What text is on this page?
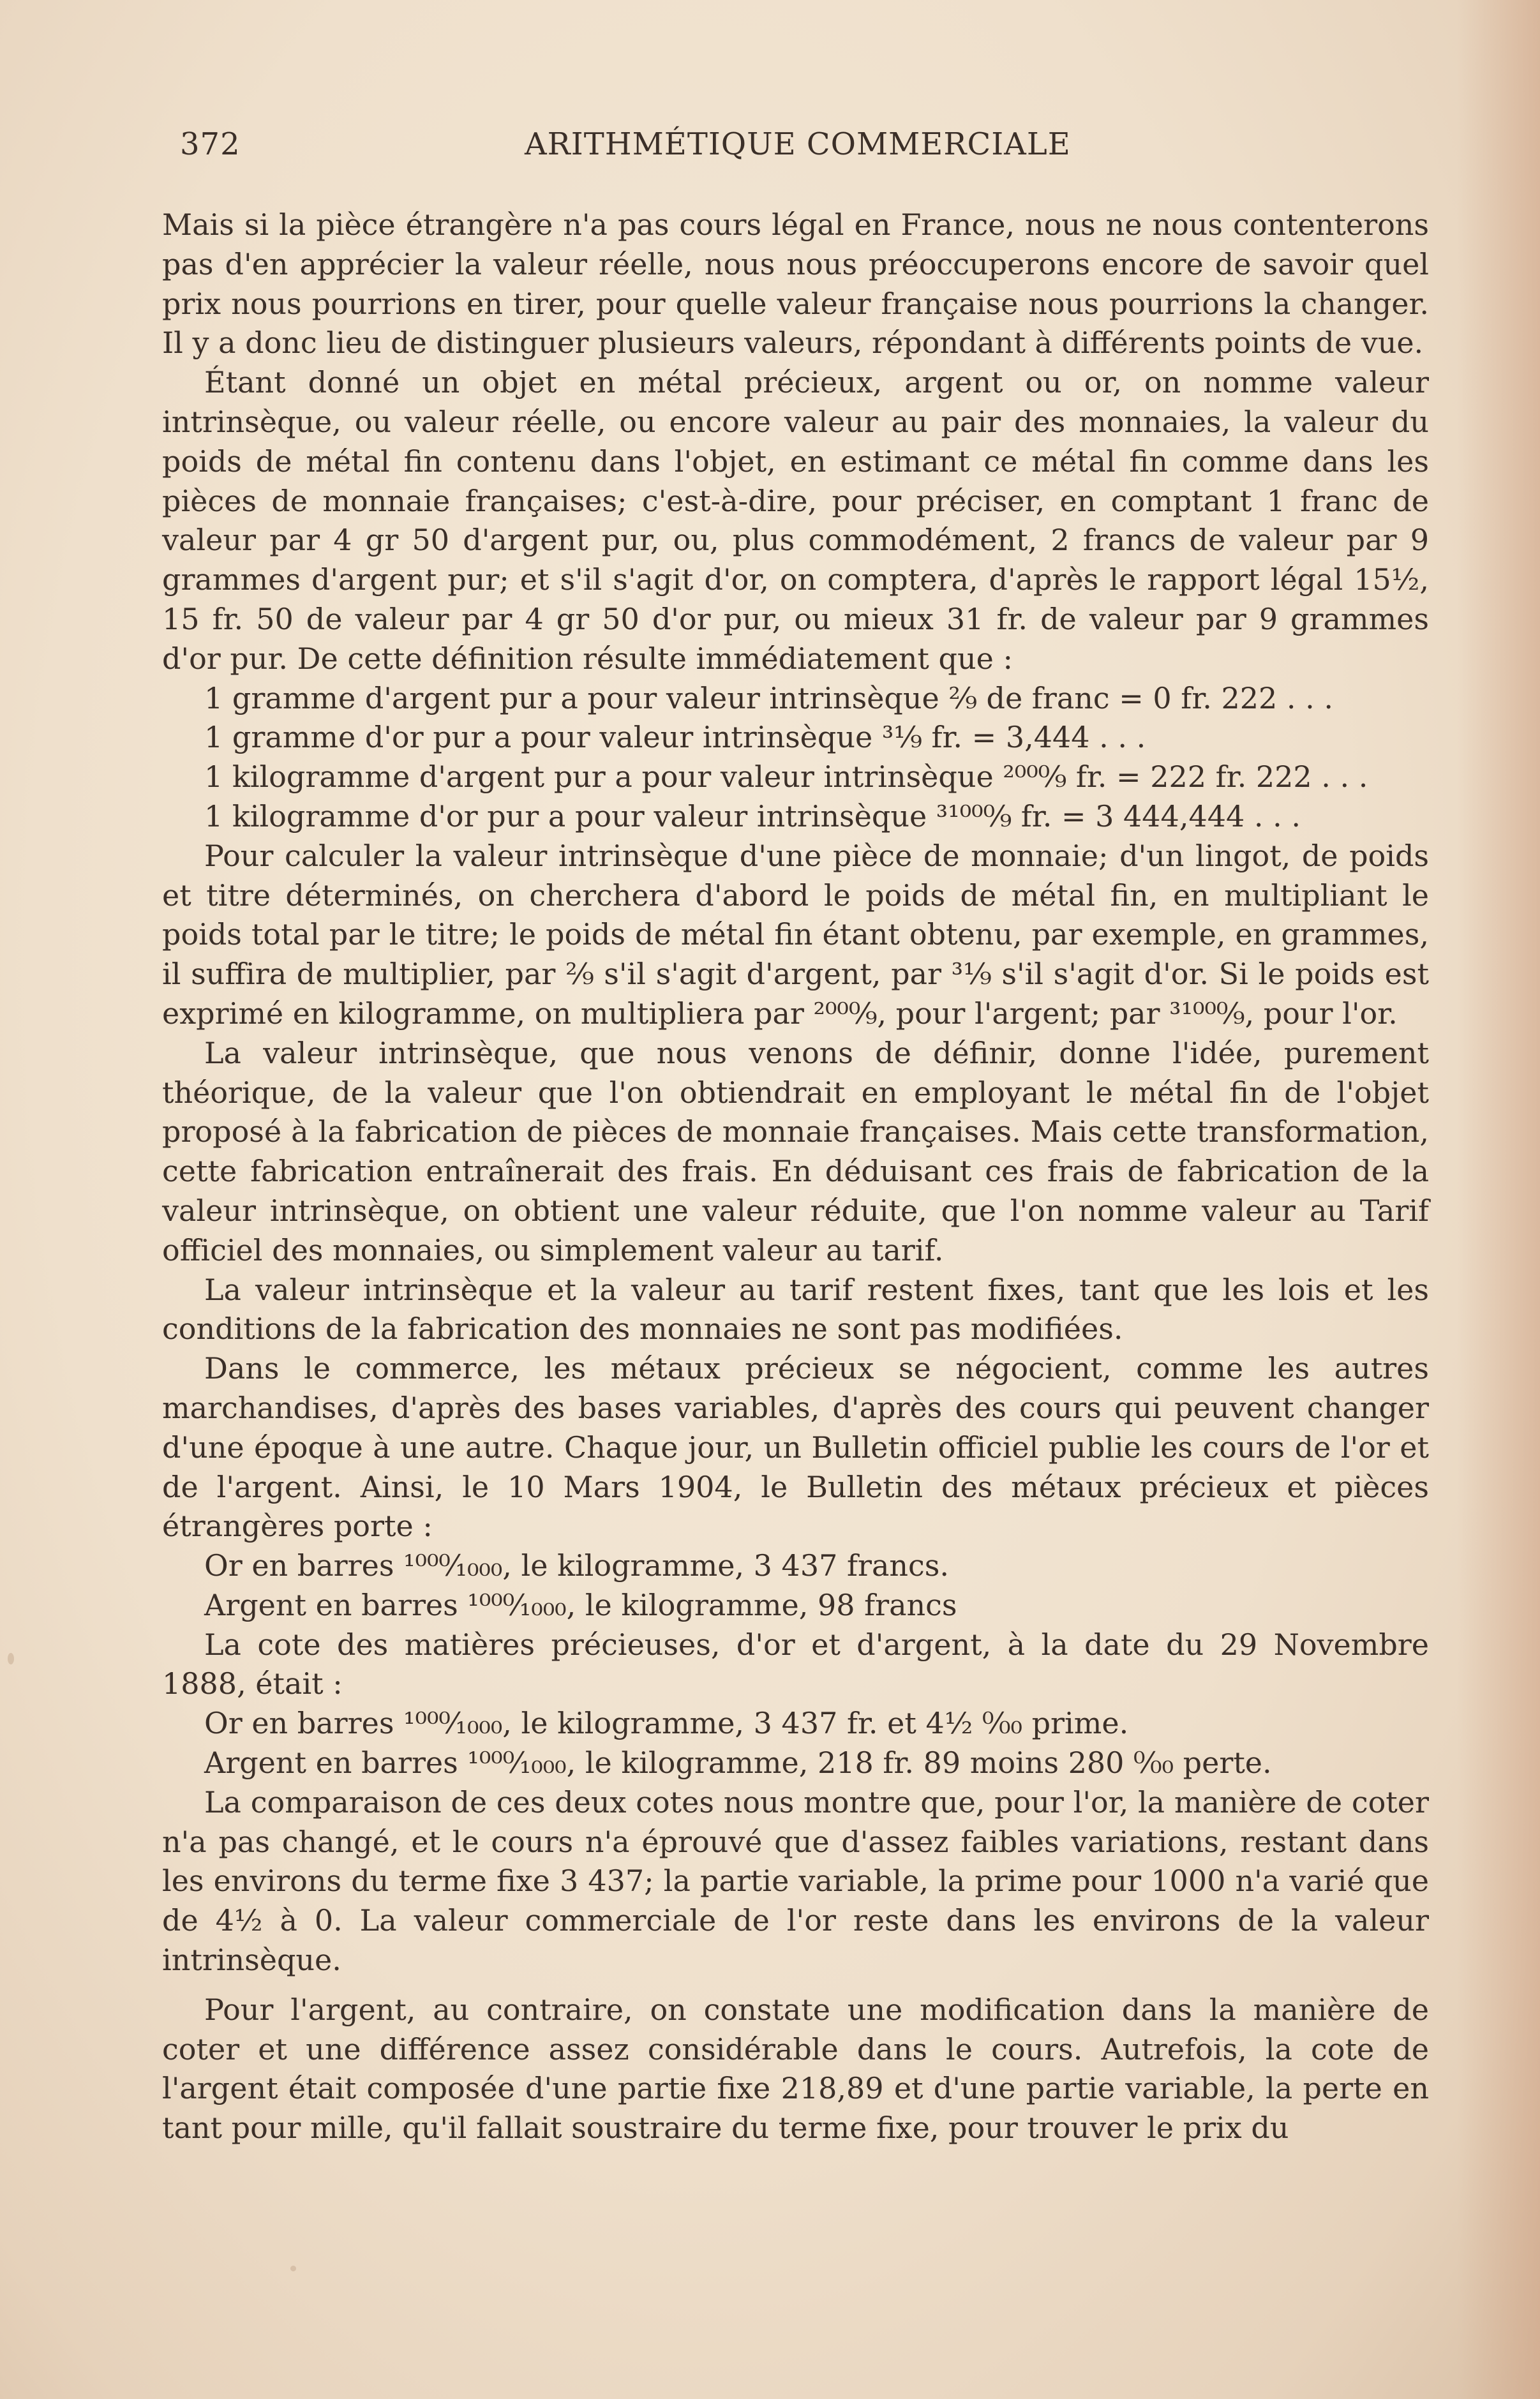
372	ARITHMÉTIQUE COMMERCIALE

Mais si la pièce étrangère n'a pas cours légal en France, nous ne nous contenterons pas d'en apprécier la valeur réelle, nous nous préoccuperons encore de savoir quel prix nous pourrions en tirer, pour quelle valeur française nous pourrions la changer. Il y a donc lieu de distinguer plusieurs valeurs, répondant à différents points de vue.

Étant donné un objet en métal précieux, argent ou or, on nomme valeur intrinsèque, ou valeur réelle, ou encore valeur au pair des monnaies, la valeur du poids de métal fin contenu dans l'objet, en estimant ce métal fin comme dans les pièces de monnaie françaises; c'est-à-dire, pour préciser, en comptant 1 franc de valeur par 4 gr 50 d'argent pur, ou, plus commodément, 2 francs de valeur par 9 grammes d'argent pur; et s'il s'agit d'or, on comptera, d'après le rapport légal 15½, 15 fr. 50 de valeur par 4 gr 50 d'or pur, ou mieux 31 fr. de valeur par 9 grammes d'or pur. De cette définition résulte immédiatement que :

1 gramme d'argent pur a pour valeur intrinsèque ²⁄₉ de franc = 0 fr. 222 . . .

1 gramme d'or pur a pour valeur intrinsèque ³¹⁄₉ fr. = 3,444 . . .

1 kilogramme d'argent pur a pour valeur intrinsèque ²⁰⁰⁰⁄₉ fr. = 222 fr. 222 . . .

1 kilogramme d'or pur a pour valeur intrinsèque ³¹⁰⁰⁰⁄₉ fr. = 3 444,444 . . .

Pour calculer la valeur intrinsèque d'une pièce de monnaie; d'un lingot, de poids et titre déterminés, on cherchera d'abord le poids de métal fin, en multipliant le poids total par le titre; le poids de métal fin étant obtenu, par exemple, en grammes, il suffira de multiplier, par ²⁄₉ s'il s'agit d'argent, par ³¹⁄₉ s'il s'agit d'or. Si le poids est exprimé en kilogramme, on multipliera par ²⁰⁰⁰⁄₉, pour l'argent; par ³¹⁰⁰⁰⁄₉, pour l'or.

La valeur intrinsèque, que nous venons de définir, donne l'idée, purement théorique, de la valeur que l'on obtiendrait en employant le métal fin de l'objet proposé à la fabrication de pièces de monnaie françaises. Mais cette transformation, cette fabrication entraînerait des frais. En déduisant ces frais de fabrication de la valeur intrinsèque, on obtient une valeur réduite, que l'on nomme valeur au Tarif officiel des monnaies, ou simplement valeur au tarif.

La valeur intrinsèque et la valeur au tarif restent fixes, tant que les lois et les conditions de la fabrication des monnaies ne sont pas modifiées.

Dans le commerce, les métaux précieux se négocient, comme les autres marchandises, d'après des bases variables, d'après des cours qui peuvent changer d'une époque à une autre. Chaque jour, un Bulletin officiel publie les cours de l'or et de l'argent. Ainsi, le 10 Mars 1904, le Bulletin des métaux précieux et pièces étrangères porte :

Or en barres ¹⁰⁰⁰⁄₁₀₀₀, le kilogramme, 3 437 francs.

Argent en barres ¹⁰⁰⁰⁄₁₀₀₀, le kilogramme, 98 francs

La cote des matières précieuses, d'or et d'argent, à la date du 29 Novembre 1888, était :

Or en barres ¹⁰⁰⁰⁄₁₀₀₀, le kilogramme, 3 437 fr. et 4½ ⁰⁄₀₀ prime.

Argent en barres ¹⁰⁰⁰⁄₁₀₀₀, le kilogramme, 218 fr. 89 moins 280 ⁰⁄₀₀ perte.

La comparaison de ces deux cotes nous montre que, pour l'or, la manière de coter n'a pas changé, et le cours n'a éprouvé que d'assez faibles variations, restant dans les environs du terme fixe 3 437; la partie variable, la prime pour 1000 n'a varié que de 4½ à 0. La valeur commerciale de l'or reste dans les environs de la valeur intrinsèque.

Pour l'argent, au contraire, on constate une modification dans la manière de coter et une différence assez considérable dans le cours. Autrefois, la cote de l'argent était composée d'une partie fixe 218,89 et d'une partie variable, la perte en tant pour mille, qu'il fallait soustraire du terme fixe, pour trouver le prix du
